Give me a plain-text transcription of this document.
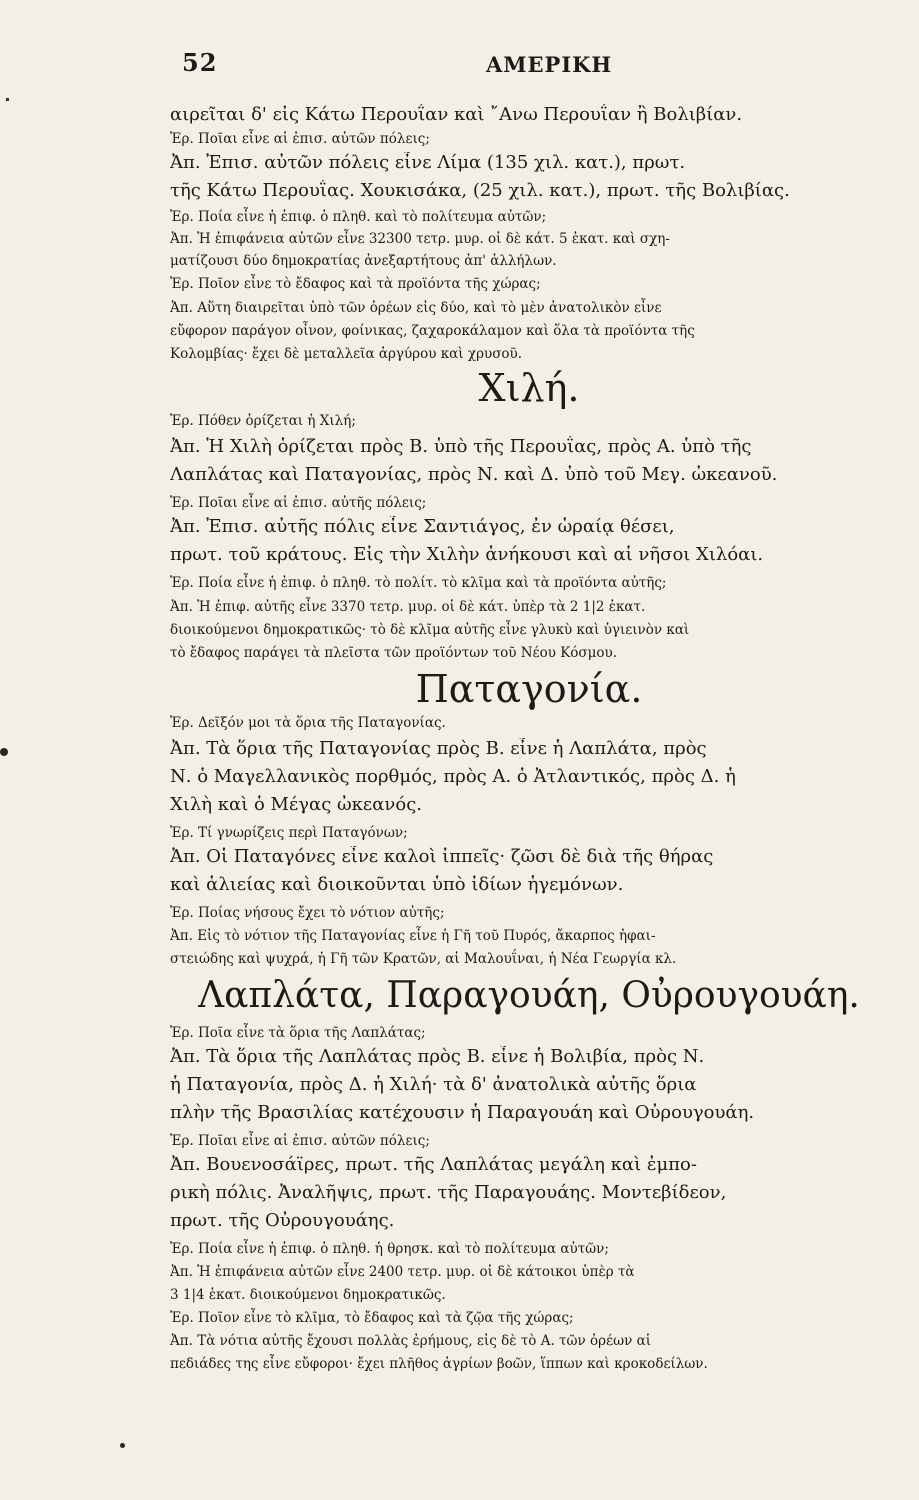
52	ΑΜΕΡΙΚΗ
αιρεῖται δ' εἰς Κάτω Περουΐαν καὶ ῎Ανω Περουΐαν ἢ Βολιβίαν.
Ἐρ. Ποῖαι εἶνε αἱ ἐπισ. αὐτῶν πόλεις;
Ἀπ. Ἐπισ. αὐτῶν πόλεις εἶνε Λίμα (135 χιλ. κατ.), πρωτ.
τῆς Κάτω Περουΐας. Χουκισάκα, (25 χιλ. κατ.), πρωτ. τῆς Βολιβίας.
Ἐρ. Ποία εἶνε ἡ ἐπιφ. ὁ πληθ. καὶ τὸ πολίτευμα αὐτῶν;
Ἀπ. Ἡ ἐπιφάνεια αὐτῶν εἶνε 32300 τετρ. μυρ. οἱ δὲ κάτ. 5 ἑκατ. καὶ σχη-
ματίζουσι δύο δημοκρατίας ἀνεξαρτήτους ἀπ' ἀλλήλων.
Ἐρ. Ποῖον εἶνε τὸ ἔδαφος καὶ τὰ προϊόντα τῆς χώρας;
Ἀπ. Αὕτη διαιρεῖται ὑπὸ τῶν ὀρέων εἰς δύο, καὶ τὸ μὲν ἀνατολικὸν εἶνε
εὔφορον παράγον οἶνον, φοίνικας, ζαχαροκάλαμον καὶ ὅλα τὰ προϊόντα τῆς
Κολομβίας· ἔχει δὲ μεταλλεῖα ἀργύρου καὶ χρυσοῦ.
Χιλή.
Ἐρ. Πόθεν ὁρίζεται ἡ Χιλή;
Ἀπ. Ἡ Χιλὴ ὁρίζεται πρὸς Β. ὑπὸ τῆς Περουΐας, πρὸς Α. ὑπὸ τῆς
Λαπλάτας καὶ Παταγονίας, πρὸς Ν. καὶ Δ. ὑπὸ τοῦ Μεγ. ὠκεανοῦ.
Ἐρ. Ποῖαι εἶνε αἱ ἐπισ. αὐτῆς πόλεις;
Ἀπ. Ἐπισ. αὐτῆς πόλις εἶνε Σαντιάγος, ἐν ὡραίᾳ θέσει,
πρωτ. τοῦ κράτους. Εἰς τὴν Χιλὴν ἀνήκουσι καὶ αἱ νῆσοι Χιλόαι.
Ἐρ. Ποία εἶνε ἡ ἐπιφ. ὁ πληθ. τὸ πολίτ. τὸ κλῖμα καὶ τὰ προϊόντα αὐτῆς;
Ἀπ. Ἡ ἐπιφ. αὐτῆς εἶνε 3370 τετρ. μυρ. οἱ δὲ κάτ. ὑπὲρ τὰ 2 1|2 ἑκατ.
διοικούμενοι δημοκρατικῶς· τὸ δὲ κλῖμα αὐτῆς εἶνε γλυκὺ καὶ ὑγιεινὸν καὶ
τὸ ἔδαφος παράγει τὰ πλεῖστα τῶν προϊόντων τοῦ Νέου Κόσμου.
Παταγονία.
Ἐρ. Δεῖξόν μοι τὰ ὅρια τῆς Παταγονίας.
Ἀπ. Τὰ ὅρια τῆς Παταγονίας πρὸς Β. εἶνε ἡ Λαπλάτα, πρὸς
Ν. ὁ Μαγελλανικὸς πορθμός, πρὸς Α. ὁ Ἀτλαντικός, πρὸς Δ. ἡ
Χιλὴ καὶ ὁ Μέγας ὠκεανός.
Ἐρ. Τί γνωρίζεις περὶ Παταγόνων;
Ἀπ. Οἱ Παταγόνες εἶνε καλοὶ ἱππεῖς· ζῶσι δὲ διὰ τῆς θήρας
καὶ ἁλιείας καὶ διοικοῦνται ὑπὸ ἰδίων ἡγεμόνων.
Ἐρ. Ποίας νήσους ἔχει τὸ νότιον αὐτῆς;
Ἀπ. Εἰς τὸ νότιον τῆς Παταγονίας εἶνε ἡ Γῆ τοῦ Πυρός, ἄκαρπος ἡφαι-
στειώδης καὶ ψυχρά, ἡ Γῆ τῶν Κρατῶν, αἱ Μαλουΐναι, ἡ Νέα Γεωργία κλ.
Λαπλάτα, Παραγουάη, Οὐρουγουάη.
Ἐρ. Ποῖα εἶνε τὰ ὅρια τῆς Λαπλάτας;
Ἀπ. Τὰ ὅρια τῆς Λαπλάτας πρὸς Β. εἶνε ἡ Βολιβία, πρὸς Ν.
ἡ Παταγονία, πρὸς Δ. ἡ Χιλή· τὰ δ' ἀνατολικὰ αὐτῆς ὅρια
πλὴν τῆς Βρασιλίας κατέχουσιν ἡ Παραγουάη καὶ Οὐρουγουάη.
Ἐρ. Ποῖαι εἶνε αἱ ἐπισ. αὐτῶν πόλεις;
Ἀπ. Βουενοσάϊρες, πρωτ. τῆς Λαπλάτας μεγάλη καὶ ἐμπο-
ρικὴ πόλις. Ἀναλῆψις, πρωτ. τῆς Παραγουάης. Μοντεβίδεον,
πρωτ. τῆς Οὐρουγουάης.
Ἐρ. Ποία εἶνε ἡ ἐπιφ. ὁ πληθ. ἡ θρησκ. καὶ τὸ πολίτευμα αὐτῶν;
Ἀπ. Ἡ ἐπιφάνεια αὐτῶν εἶνε 2400 τετρ. μυρ. οἱ δὲ κάτοικοι ὑπὲρ τὰ
3 1|4 ἑκατ. διοικούμενοι δημοκρατικῶς.
Ἐρ. Ποῖον εἶνε τὸ κλῖμα, τὸ ἔδαφος καὶ τὰ ζῷα τῆς χώρας;
Ἀπ. Τὰ νότια αὐτῆς ἔχουσι πολλὰς ἐρήμους, εἰς δὲ τὸ Α. τῶν ὀρέων αἱ
πεδιάδες της εἶνε εὔφοροι· ἔχει πλῆθος ἀγρίων βοῶν, ἵππων καὶ κροκοδείλων.
